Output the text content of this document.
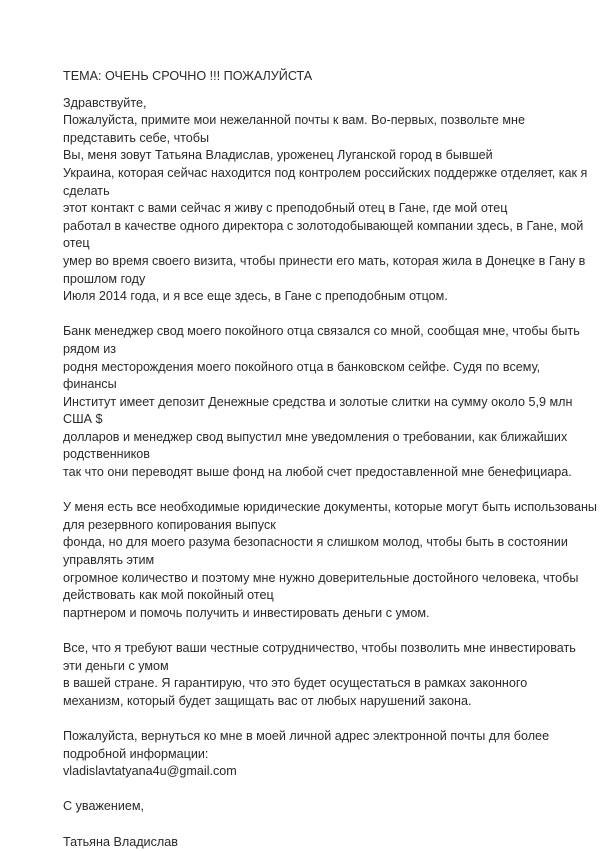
ТЕМА: ОЧЕНЬ СРОЧНО !!! ПОЖАЛУЙСТА
Здравствуйте,
Пожалуйста, примите мои нежеланной почты к вам. Во-первых, позвольте мне
представить себе, чтобы
Вы, меня зовут Татьяна Владислав, уроженец Луганской город в бывшей
Украина, которая сейчас находится под контролем российских поддержке отделяет, как я
сделать
этот контакт с вами сейчас я живу с преподобный отец в Гане, где мой отец
работал в качестве одного директора с золотодобывающей компании здесь, в Гане, мой
отец
умер во время своего визита, чтобы принести его мать, которая жила в Донецке в Гану в
прошлом году
Июля 2014 года, и я все еще здесь, в Гане с преподобным отцом.
Банк менеджер свод моего покойного отца связался со мной, сообщая мне, чтобы быть
рядом из
родня месторождения моего покойного отца в банковском сейфе. Судя по всему,
финансы
Институт имеет депозит Денежные средства и золотые слитки на сумму около 5,9 млн
США $
долларов и менеджер свод выпустил мне уведомления о требовании, как ближайших
родственников
так что они переводят выше фонд на любой счет предоставленной мне бенефициара.
У меня есть все необходимые юридические документы, которые могут быть использованы
для резервного копирования выпуск
фонда, но для моего разума безопасности я слишком молод, чтобы быть в состоянии
управлять этим
огромное количество и поэтому мне нужно доверительные достойного человека, чтобы
действовать как мой покойный отец
партнером и помочь получить и инвестировать деньги с умом.
Все, что я требуют ваши честные сотрудничество, чтобы позволить мне инвестировать
эти деньги с умом
в вашей стране. Я гарантирую, что это будет осущестаться в рамках законного
механизм, который будет защищать вас от любых нарушений закона.
Пожалуйста, вернуться ко мне в моей личной адрес электронной почты для более
подробной информации:
vladislavtatyana4u@gmail.com
С уважением,
Татьяна Владислав
